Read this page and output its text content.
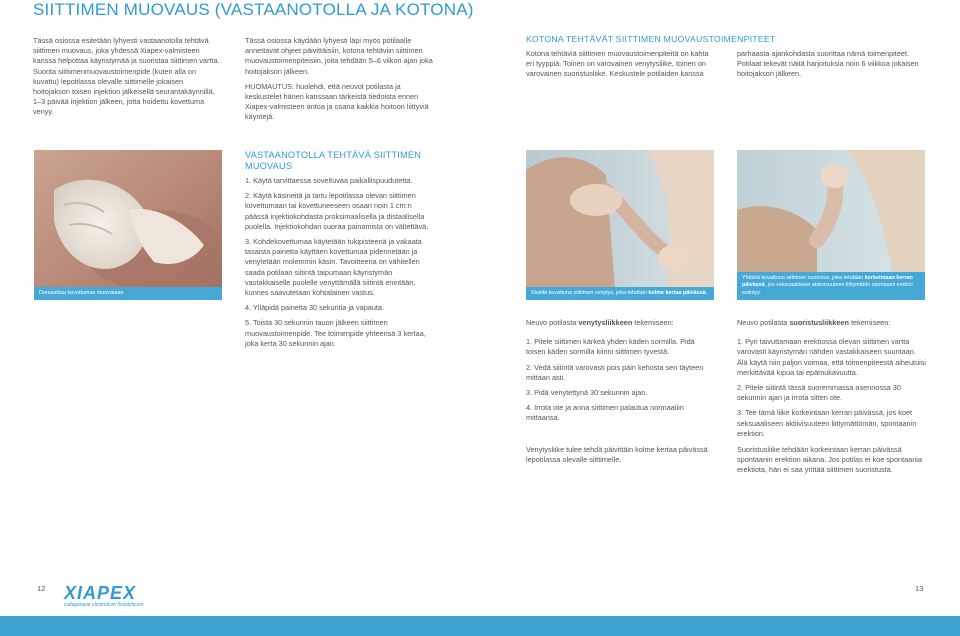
SIITTIMEN MUOVAUS (VASTAANOTOLLA JA KOTONA)
Tässä osiossa esitetään lyhyesti vastaanotolla tehtävä siittimen muovaus, joka yhdessä Xiapex-valmisteen kanssa helpottaa käyristymää ja suoristaa siittimen vartta. Suorita siittimenmuovaustoimenpide (kuten alla on kuvattu) lepotilassa olevalle siittimelle jokaisen hoitojakson toisen injektion jälkeisellä seurantakäynnillä, 1–3 päivää injektion jälkeen, jotta hoidettu kovettuma venyy.
Tässä osiossa käydään lyhyesti läpi myös potilaalle annettavat ohjeet päivittäisiin, kotona tehtäviin siittimen muovaustoimenpiteisiin, joita tehdään 5–6 viikon ajan joka hoitojakson jälkeen.
HUOMAUTUS: huolehdi, että neuvot potilasta ja keskustelet hänen kanssaan tärkeistä tiedoista ennen Xiapex-valmisteen antoa ja osana kaikkia hoitoon liittyviä käyntejä.
KOTONA TEHTÄVÄT SIITTIMEN MUOVAUSTOIMENPITEET
Kotona tehtäviä siittimen muovaustoimenpiteitä on kahta eri tyyppiä. Toinen on varovainen venytysliike, toinen on varovainen suoristusliike. Keskustele potilaiden kanssa
parhaasta ajankohdasta suorittaa nämä toimenpiteet. Potilaat tekevät näitä harjoituksia noin 6 viikkoa jokaisen hoitojakson jälkeen.
Dorsaalista kovettumaa muovataan
VASTAANOTOLLA TEHTÄVÄ SIITTIMEN
MUOVAUS
1. Käytä tarvittaessa soveltuvaa paikallispuudutetta.
2. Käytä käsineitä ja tartu lepotilassa olevan siittimen kovettumaan tai kovettuneeseen osaan noin 1 cm:n päässä injektiokohdasta proksimaalisella ja distaalisella puolella. Injektiokohdan suoraa painamista on vältettävä.
3. Kohdekovettumaa käytetään tukipisteenä ja vakaata tasaista painetta käyttäen kovettumaa pidennetään ja venytetään molemmin käsin. Tavoitteena on vähitellen saada potilaan siitintä taipumaan käyristymän vastakkaiselle puolelle venyttämällä siitintä enintään, kunnes saavutetaan kohtalainen vastus.
4. Ylläpidä painetta 30 sekuntia ja vapauta.
5. Toista 30 sekunnin tauon jälkeen siittimen muovaustoimenpide. Tee toimenpide yhteensä 3 kertaa, joka kerta 30 sekunnin ajan.
Siveltä kuvattuna siittimen venytys, joka tehdään kolme kertaa päivässä.
Yhdistä kuvattuna siittimen suoristus, joka tehdään korkeintaan kerran päivässä, jos seksuaaliseen aktiivisuuteen liittymätön spontaani erektio esiintyy.
Neuvo potilasta venytysliikkeen tekemiseen:
1. Pitele siittimen kärkeä yhden käden sormilla. Pidä toisen käden sormilla kiinni siittimen tyvestä.
2. Vedä siitintä varovasti pois päin kehosta sen täyteen mittaan asti.
3. Pidä venytettynä 30 sekunnin ajan.
4. Irrota ote ja anna siittimen palautua normaaliin mittaansa.
Venytysliike tulee tehdä päivittäin kolme kertaa päivässä lepotilassa olevalle siittimelle.
Neuvo potilasta suoristusliikkeen tekemiseen:
1. Pyri taivuttamaan erektiossa olevan siittimen vartta varovasti käyristymän nähden vastakkaiseen suuntaan. Älä käytä niin paljon voimaa, että toimenpiteestä aiheutuisi merkittävää kipua tai epämukavuutta.
2. Pitele siitintä tässä suoremmassa asennossa 30 sekunnin ajan ja irrota sitten ote.
3. Tee tämä liike korkeintaan kerran päivässä, jos koet seksuaaliseen aktiivisuuteen liittymättömän, spontaanin erektion.
Suoristusliike tehdään korkeintaan kerran päivässä spontaanin erektion aikana. Jos potilas ei koe spontaania erektiota, hän ei saa yrittää siittimen suoristusta.
12 XIAPEX
collagenase clostridium histolyticum
13
